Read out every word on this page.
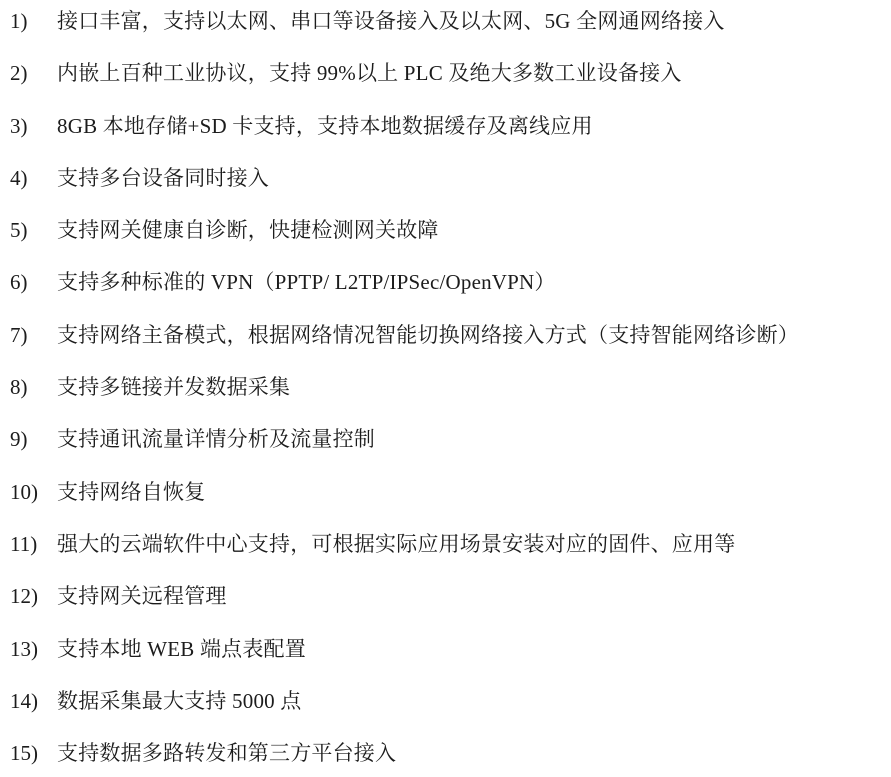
1)	接口丰富，支持以太网、串口等设备接入及以太网、5G 全网通网络接入
2)	内嵌上百种工业协议，支持 99%以上 PLC 及绝大多数工业设备接入
3)	8GB 本地存储+SD 卡支持，支持本地数据缓存及离线应用
4)	支持多台设备同时接入
5)	支持网关健康自诊断，快捷检测网关故障
6)	支持多种标准的 VPN（PPTP/ L2TP/IPSec/OpenVPN）
7)	支持网络主备模式，根据网络情况智能切换网络接入方式（支持智能网络诊断）
8)	支持多链接并发数据采集
9)	支持通讯流量详情分析及流量控制
10) 支持网络自恢复
11) 强大的云端软件中心支持，可根据实际应用场景安装对应的固件、应用等
12) 支持网关远程管理
13) 支持本地 WEB 端点表配置
14) 数据采集最大支持 5000 点
15) 支持数据多路转发和第三方平台接入
